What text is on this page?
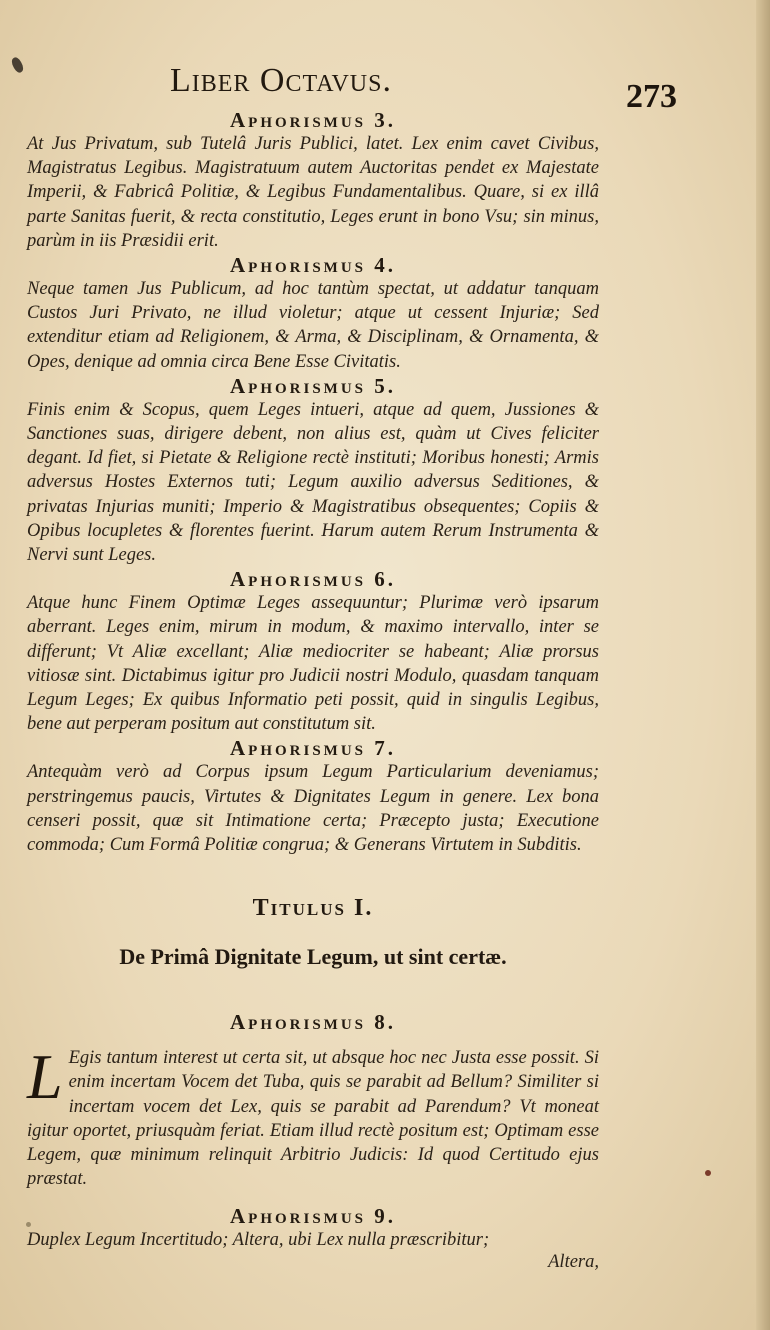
Liber Octavus.	273
Aphorismus 3.

At Jus Privatum, sub Tutelâ Juris Publici, latet. Lex enim cavet Civibus, Magistratus Legibus. Magistratuum autem Auctoritas pendet ex Majestate Imperii, & Fabricâ Politiæ, & Legibus Fundamentalibus. Quare, si ex illâ parte Sanitas fuerit, & recta constitutio, Leges erunt in bono Vsu; sin minus, parùm in iis Præsidii erit.

Aphorismus 4.

Neque tamen Jus Publicum, ad hoc tantùm spectat, ut addatur tanquam Custos Juri Privato, ne illud violetur; atque ut cessent Injuriæ; Sed extenditur etiam ad Religionem, & Arma, & Disciplinam, & Ornamenta, & Opes, denique ad omnia circa Bene Esse Civitatis.

Aphorismus 5.

Finis enim & Scopus, quem Leges intueri, atque ad quem, Jussiones & Sanctiones suas, dirigere debent, non alius est, quàm ut Cives feliciter degant. Id fiet, si Pietate & Religione rectè instituti; Moribus honesti; Armis adversus Hostes Externos tuti; Legum auxilio adversus Seditiones, & privatas Injurias muniti; Imperio & Magistratibus obsequentes; Copiis & Opibus locupletes & florentes fuerint. Harum autem Rerum Instrumenta & Nervi sunt Leges.

Aphorismus 6.

Atque hunc Finem Optimæ Leges assequuntur; Plurimæ verò ipsarum aberrant. Leges enim, mirum in modum, & maximo intervallo, inter se differunt; Vt Aliæ excellant; Aliæ mediocriter se habeant; Aliæ prorsus vitiosæ sint. Dictabimus igitur pro Judicii nostri Modulo, quasdam tanquam Legum Leges; Ex quibus Informatio peti possit, quid in singulis Legibus, bene aut perperam positum aut constitutum sit.

Aphorismus 7.

Antequàm verò ad Corpus ipsum Legum Particularium deveniamus; perstringemus paucis, Virtutes & Dignitates Legum in genere. Lex bona censeri possit, quæ sit Intimatione certa; Præcepto justa; Executione commoda; Cum Formâ Politiæ congrua; & Generans Virtutem in Subditis.

Titulus I.
De Primâ Dignitate Legum, ut sint certæ.
Aphorismus 8.

L Egis tantum interest ut certa sit, ut absque hoc nec Justa esse possit. Si enim incertam Vocem det Tuba, quis se parabit ad Bellum? Similiter si incertam vocem det Lex, quis se parabit ad Parendum? Vt moneat igitur oportet, priusquàm feriat. Etiam illud rectè positum est; Optimam esse Legem, quæ minimum relinquit Arbitrio Judicis: Id quod Certitudo ejus præstat.

Aphorismus 9.

Duplex Legum Incertitudo; Altera, ubi Lex nulla præscribitur;

Altera,
